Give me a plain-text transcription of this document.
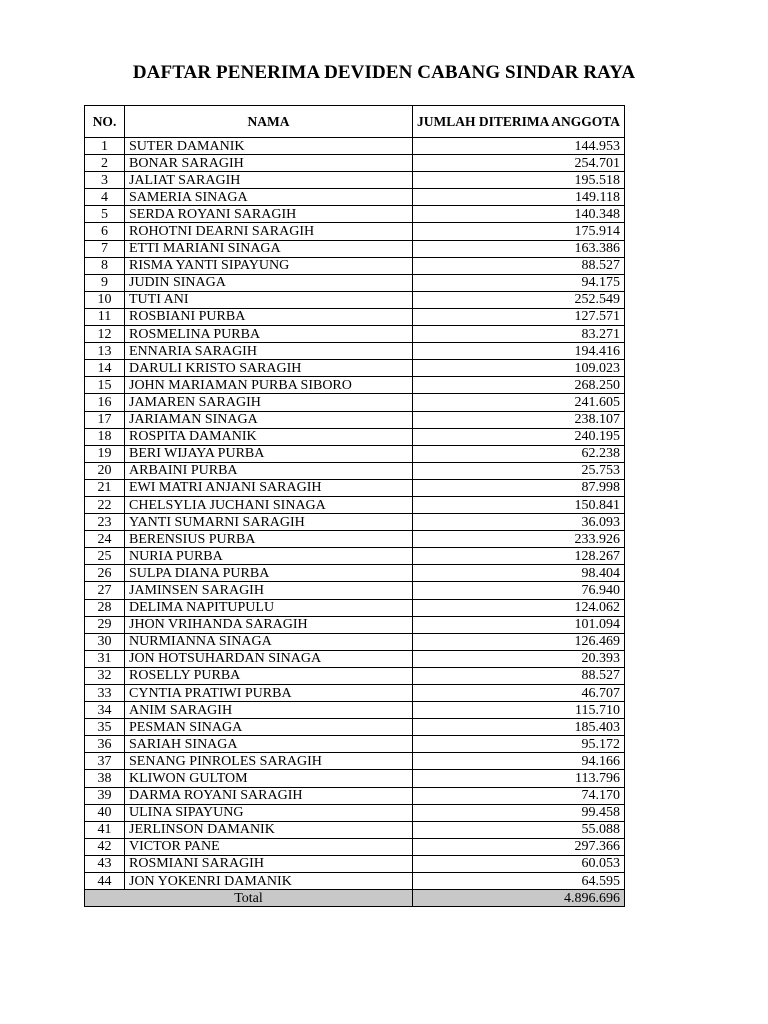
DAFTAR PENERIMA DEVIDEN CABANG SINDAR RAYA
NO.	NAMA	JUMLAH DITERIMA ANGGOTA
1	SUTER DAMANIK	144.953
2	BONAR SARAGIH	254.701
3	JALIAT SARAGIH	195.518
4	SAMERIA SINAGA	149.118
5	SERDA ROYANI SARAGIH	140.348
6	ROHOTNI DEARNI SARAGIH	175.914
7	ETTI MARIANI SINAGA	163.386
8	RISMA YANTI SIPAYUNG	88.527
9	JUDIN SINAGA	94.175
10	TUTI ANI	252.549
11	ROSBIANI PURBA	127.571
12	ROSMELINA PURBA	83.271
13	ENNARIA SARAGIH	194.416
14	DARULI KRISTO SARAGIH	109.023
15	JOHN MARIAMAN PURBA SIBORO	268.250
16	JAMAREN SARAGIH	241.605
17	JARIAMAN SINAGA	238.107
18	ROSPITA DAMANIK	240.195
19	BERI WIJAYA PURBA	62.238
20	ARBAINI PURBA	25.753
21	EWI MATRI ANJANI SARAGIH	87.998
22	CHELSYLIA JUCHANI SINAGA	150.841
23	YANTI SUMARNI SARAGIH	36.093
24	BERENSIUS PURBA	233.926
25	NURIA PURBA	128.267
26	SULPA DIANA PURBA	98.404
27	JAMINSEN SARAGIH	76.940
28	DELIMA NAPITUPULU	124.062
29	JHON VRIHANDA SARAGIH	101.094
30	NURMIANNA SINAGA	126.469
31	JON HOTSUHARDAN SINAGA	20.393
32	ROSELLY PURBA	88.527
33	CYNTIA PRATIWI PURBA	46.707
34	ANIM SARAGIH	115.710
35	PESMAN SINAGA	185.403
36	SARIAH SINAGA	95.172
37	SENANG PINROLES SARAGIH	94.166
38	KLIWON GULTOM	113.796
39	DARMA ROYANI SARAGIH	74.170
40	ULINA SIPAYUNG	99.458
41	JERLINSON DAMANIK	55.088
42	VICTOR PANE	297.366
43	ROSMIANI SARAGIH	60.053
44	JON YOKENRI DAMANIK	64.595
Total		4.896.696
